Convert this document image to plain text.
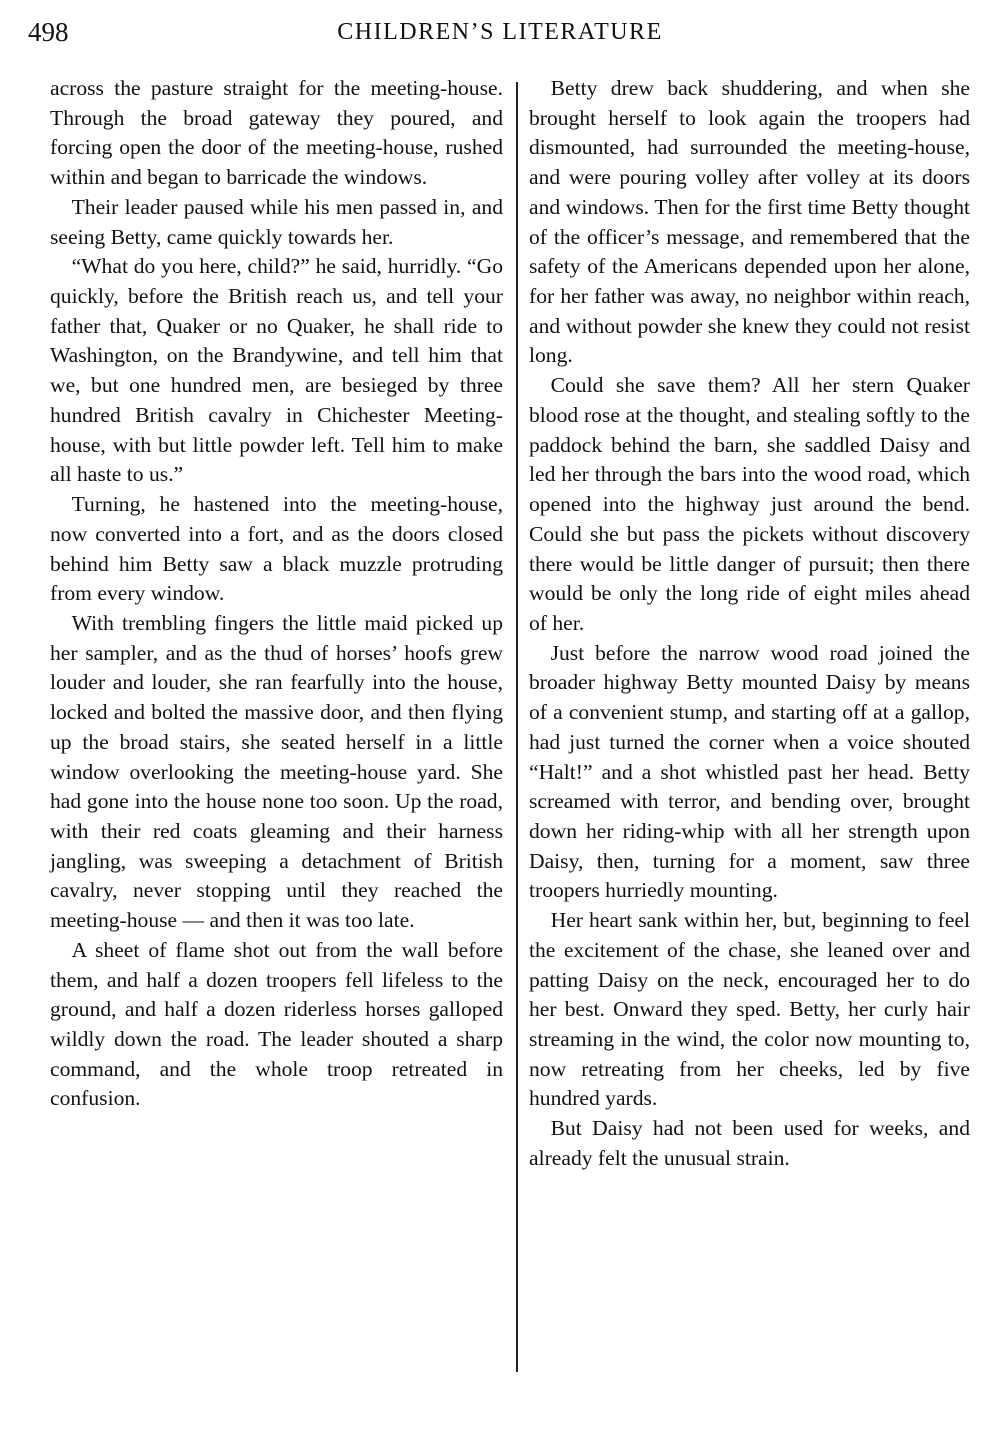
498	CHILDREN’S LITERATURE

across the pasture straight for the meeting-house. Through the broad gateway they poured, and forcing open the door of the meeting-house, rushed within and began to barricade the windows.

Their leader paused while his men passed in, and seeing Betty, came quickly towards her.

“What do you here, child?” he said, hurridly. “Go quickly, before the British reach us, and tell your father that, Quaker or no Quaker, he shall ride to Washington, on the Brandywine, and tell him that we, but one hundred men, are besieged by three hundred British cavalry in Chichester Meeting-house, with but little powder left. Tell him to make all haste to us.”

Turning, he hastened into the meeting-house, now converted into a fort, and as the doors closed behind him Betty saw a black muzzle protruding from every window.

With trembling fingers the little maid picked up her sampler, and as the thud of horses’ hoofs grew louder and louder, she ran fearfully into the house, locked and bolted the massive door, and then flying up the broad stairs, she seated herself in a little window overlooking the meeting-house yard. She had gone into the house none too soon. Up the road, with their red coats gleaming and their harness jangling, was sweeping a detachment of British cavalry, never stopping until they reached the meeting-house — and then it was too late.

A sheet of flame shot out from the wall before them, and half a dozen troopers fell lifeless to the ground, and half a dozen riderless horses galloped wildly down the road. The leader shouted a sharp command, and the whole troop retreated in confusion.

Betty drew back shuddering, and when she brought herself to look again the troopers had dismounted, had surrounded the meeting-house, and were pouring volley after volley at its doors and windows. Then for the first time Betty thought of the officer’s message, and remembered that the safety of the Americans depended upon her alone, for her father was away, no neighbor within reach, and without powder she knew they could not resist long.

Could she save them? All her stern Quaker blood rose at the thought, and stealing softly to the paddock behind the barn, she saddled Daisy and led her through the bars into the wood road, which opened into the highway just around the bend. Could she but pass the pickets without discovery there would be little danger of pursuit; then there would be only the long ride of eight miles ahead of her.

Just before the narrow wood road joined the broader highway Betty mounted Daisy by means of a convenient stump, and starting off at a gallop, had just turned the corner when a voice shouted “Halt!” and a shot whistled past her head. Betty screamed with terror, and bending over, brought down her riding-whip with all her strength upon Daisy, then, turning for a moment, saw three troopers hurriedly mounting.

Her heart sank within her, but, beginning to feel the excitement of the chase, she leaned over and patting Daisy on the neck, encouraged her to do her best. Onward they sped. Betty, her curly hair streaming in the wind, the color now mounting to, now retreating from her cheeks, led by five hundred yards.

But Daisy had not been used for weeks, and already felt the unusual strain.
